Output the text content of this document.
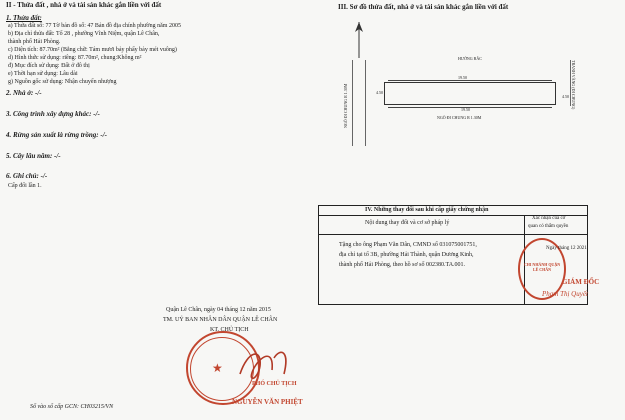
II - Thửa đất , nhà ở và tài sản khác gắn liền với đất
1. Thửa đất:
a) Thửa đất số: 77 Tờ bản đồ số: 47 Bản đồ địa chính phường năm 2005
b) Địa chỉ thửa đất: Tổ 28 , phường Vĩnh Niệm, quận Lê Chân,
thành phố Hải Phòng.
c) Diện tích: 87.70m² (Bằng chữ: Tám mươi bảy phẩy bảy mét vuông)
d) Hình thức sử dụng: riêng: 87.70m², chung:Không m²
đ) Mục đích sử dụng: Đất ở đô thị
e) Thời hạn sử dụng: Lâu dài
g) Nguồn gốc sử dụng: Nhận chuyển nhượng
2. Nhà ở: -/-
3. Công trình xây dựng khác: -/-
4. Rừng sản xuất là rừng trồng: -/-
5. Cây lâu năm: -/-
6. Ghi chú: -/-
Cấp đổi lần 1.
Quận Lê Chân, ngày 04 tháng 12 năm 2015
TM. UỶ BAN NHÂN DÂN QUẬN LÊ CHÂN
KT. CHỦ TỊCH
★
PHÓ CHỦ TỊCH
NGUYỄN VĂN PHIỆT
Số vào sổ cấp GCN: CH03215/VN
III. Sơ đồ thửa đất, nhà ở và tài sản khác gắn liền với đất
HƯỚNG BẮC
19.50
4.50
4.50
19.50
NGÕ ĐI CHUNG R 1.30M
NGÕ ĐI CHUNG R 1.30M	TRANH VÀNG (ĐI CHUNG)
IV. Những thay đổi sau khi cấp giấy chứng nhận
Nội dung thay đổi và cơ sở pháp lý
Xác nhận của cơ
quan có thẩm quyền
Tặng cho ông Phạm Văn Dân, CMND số 031075001751,
địa chỉ tại tổ 3B, phường Hải Thành, quận Dương Kinh,
thành phố Hải Phòng, theo hồ sơ số 002380.TA.001.	CHI NHÁNH QUẬN LÊ CHÂN
Ngày tháng 12 2021
GIÁM ĐỐC
Phạm Thị Quyết
